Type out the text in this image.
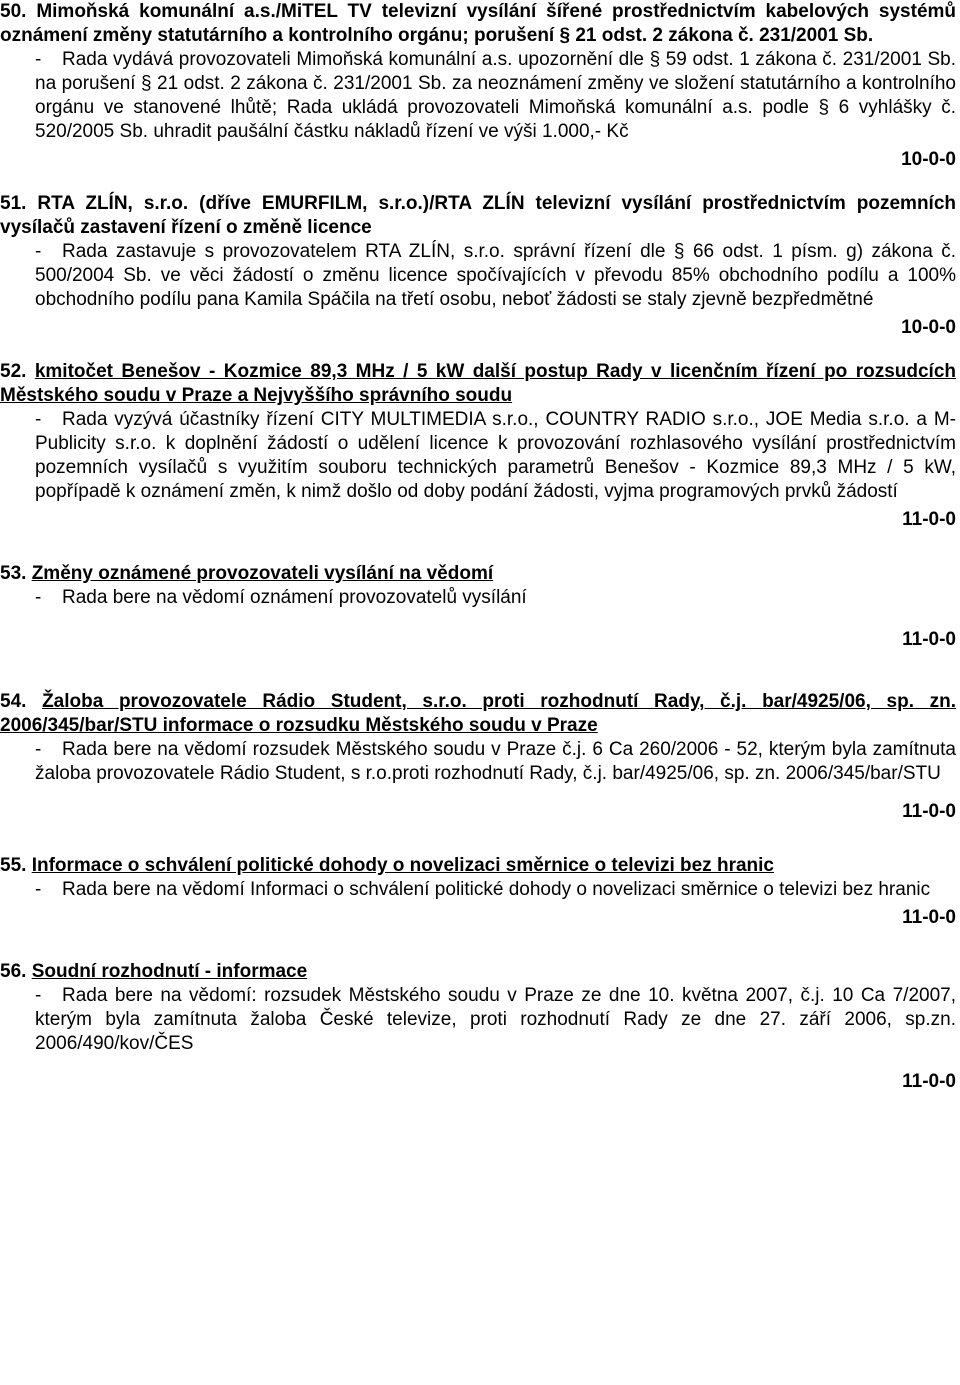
50. Mimoňská komunální a.s./MiTEL TV televizní vysílání šířené prostřednictvím kabelových systémů oznámení změny statutárního a kontrolního orgánu; porušení § 21 odst. 2 zákona č. 231/2001 Sb.
-	Rada vydává provozovateli Mimoňská komunální a.s. upozornění dle § 59 odst. 1 zákona č. 231/2001 Sb. na porušení § 21 odst. 2 zákona č. 231/2001 Sb. za neoznámení změny ve složení statutárního a kontrolního orgánu ve stanovené lhůtě; Rada ukládá provozovateli Mimoňská komunální a.s. podle § 6 vyhlášky č. 520/2005 Sb. uhradit paušální částku nákladů řízení ve výši 1.000,- Kč
10-0-0
51. RTA ZLÍN, s.r.o. (dříve EMURFILM, s.r.o.)/RTA ZLÍN televizní vysílání prostřednictvím pozemních vysílačů zastavení řízení o změně licence
-	Rada zastavuje s provozovatelem RTA ZLÍN, s.r.o. správní řízení dle § 66 odst. 1 písm. g) zákona č. 500/2004 Sb. ve věci žádostí o změnu licence spočívajících v převodu 85% obchodního podílu a 100% obchodního podílu pana Kamila Spáčila na třetí osobu, neboť žádosti se staly zjevně bezpředmětné
10-0-0
52. kmitočet Benešov - Kozmice 89,3 MHz / 5 kW další postup Rady v licenčním řízení po rozsudcích Městského soudu v Praze a Nejvyššího správního soudu
-	Rada vyzývá účastníky řízení CITY MULTIMEDIA s.r.o., COUNTRY RADIO s.r.o., JOE Media s.r.o. a M-Publicity s.r.o. k doplnění žádostí o udělení licence k provozování rozhlasového vysílání prostřednictvím pozemních vysílačů s využitím souboru technických parametrů Benešov - Kozmice 89,3 MHz / 5 kW, popřípadě k oznámení změn, k nimž došlo od doby podání žádosti, vyjma programových prvků žádostí
11-0-0
53. Změny oznámené provozovateli vysílání na vědomí
-	Rada bere na vědomí oznámení provozovatelů vysílání
11-0-0
54. Žaloba provozovatele Rádio Student, s.r.o. proti rozhodnutí Rady, č.j. bar/4925/06, sp. zn. 2006/345/bar/STU informace o rozsudku Městského soudu v Praze
-	Rada bere na vědomí rozsudek Městského soudu v Praze č.j. 6 Ca 260/2006 - 52, kterým byla zamítnuta žaloba provozovatele Rádio Student, s r.o.proti rozhodnutí Rady, č.j. bar/4925/06, sp. zn. 2006/345/bar/STU
11-0-0
55. Informace o schválení politické dohody o novelizaci směrnice o televizi bez hranic
-	Rada bere na vědomí Informaci o schválení politické dohody o novelizaci směrnice o televizi bez hranic
11-0-0
56. Soudní rozhodnutí - informace
-	Rada bere na vědomí: rozsudek Městského soudu v Praze ze dne 10. května 2007, č.j. 10 Ca 7/2007, kterým byla zamítnuta žaloba České televize, proti rozhodnutí Rady ze dne 27. září 2006, sp.zn. 2006/490/kov/ČES
11-0-0
